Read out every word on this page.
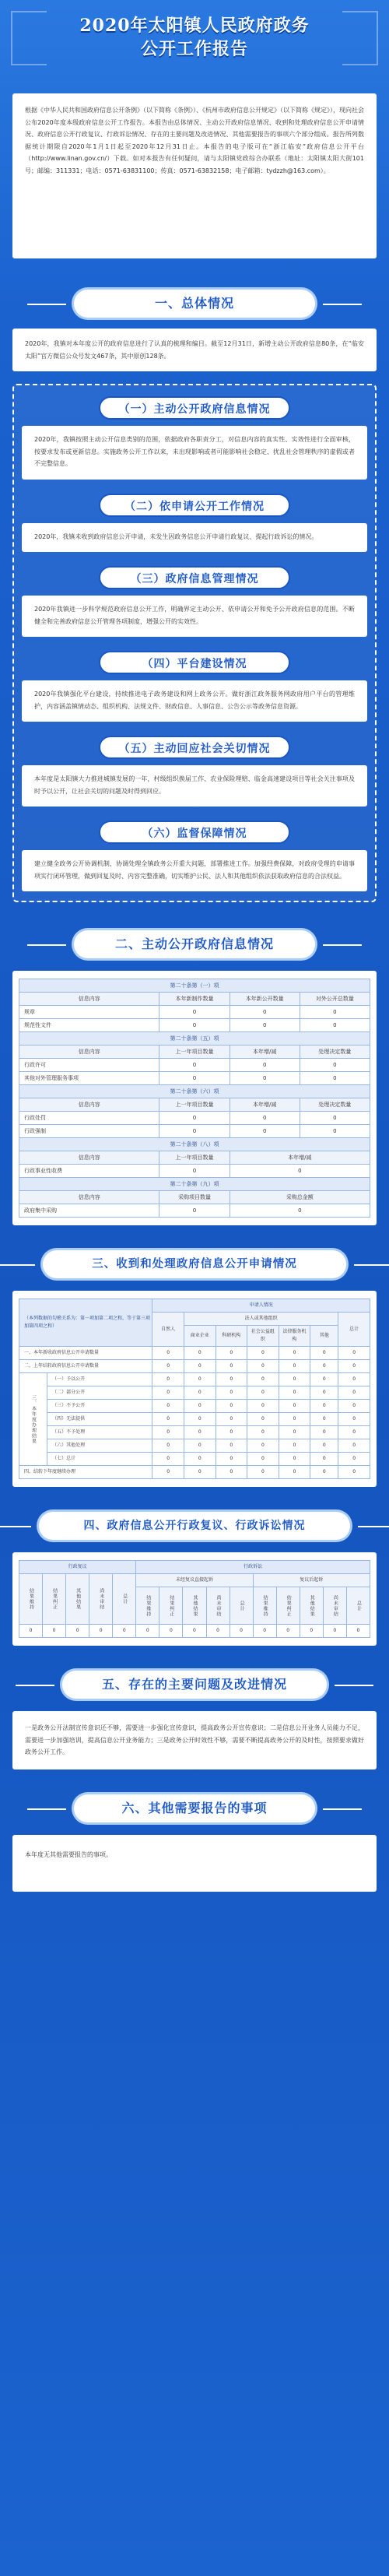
2020年太阳镇人民政府政务
公开工作报告

根据《中华人民共和国政府信息公开条例》（以下简称《条例》）、《杭州市政府信息公开规定》（以下简称《规定》），现向社会公布2020年度本级政府信息公开工作报告。本报告由总体情况、主动公开政府信息情况、收到和处理政府信息公开申请情况、政府信息公开行政复议、行政诉讼情况、存在的主要问题及改进情况、其他需要报告的事项六个部分组成。报告所列数据统计期限自2020年1月1日起至2020年12月31日止。本报告的电子版可在“浙江临安”政府信息公开平台（http://www.linan.gov.cn/）下载。如对本报告有任何疑问，请与太阳镇党政综合办联系（地址：太阳镇太阳大街101号；邮编：311331；电话：0571-63831100；传真：0571-63832158；电子邮箱：tydzzh@163.com）。

一、总体情况

2020年，我镇对本年度公开的政府信息进行了认真的梳理和编目。截至12月31日，新增主动公开政府信息80条，在“临安太阳”官方微信公众号发文467条，其中原创128条。

（一）主动公开政府信息情况

2020年，我镇按照主动公开信息类别的范围，依据政府各职责分工，对信息内容的真实性、实效性进行全面审核，按要求发布或更新信息。实施政务公开工作以来，未出现影响或者可能影响社会稳定、扰乱社会管理秩序的虚假或者不完整信息。

（二）依申请公开工作情况

2020年，我镇未收到政府信息公开申请，未发生因政务信息公开申请行政复议、提起行政诉讼的情况。

（三）政府信息管理情况

2020年我镇进一步科学规范政府信息公开工作，明确界定主动公开、依申请公开和免予公开政府信息的范围。不断健全和完善政府信息公开管理各项制度，增强公开的实效性。

（四）平台建设情况

2020年我镇强化平台建设，持续推进电子政务建设和网上政务公开。做好浙江政务服务网政府用户平台的管理维护，内容涵盖镇情动态、组织机构、法规文件、财政信息、人事信息、公告公示等政务信息资源。

（五）主动回应社会关切情况

本年度是太阳镇大力推进城镇发展的一年，村级组织换届工作、农业保险理赔、临金高速建设项目等社会关注事项及时予以公开，让社会关切的问题及时得到回应。

（六）监督保障情况

建立健全政务公开协调机制，协调处理全镇政务公开重大问题，部署推进工作。加强经费保障，对政府受理的申请事项实行闭环管理，做到回复及时、内容完整准确，切实维护公民、法人和其他组织依法获取政府信息的合法权益。

二、主动公开政府信息情况
第二十条第（一）项			
信息内容	本年新制作数量	本年新公开数量	对外公开总数量
规章	0	0	0
规范性文件	0	0	0
第二十条第（五）项			
信息内容	上一年项目数量	本年增/减	处理决定数量
行政许可	0	0	0
其他对外管理服务事项	0	0	0
第二十条第（六）项			
信息内容	上一年项目数量	本年增/减	处理决定数量
行政处罚	0	0	0
行政强制	0	0	0
第二十条第（八）项			
信息内容	上一年项目数量	本年增/减	
行政事业性收费	0	0	
第二十条第（九）项			
信息内容	采购项目数量	采购总金额	
政府集中采购	0	0	
三、收到和处理政府信息公开申请情况
（本列数据的勾稽关系为：第一项加第二项之和，等于第三项加第四项之和）		申请人情况						
		自然人	法人或其他组织					总计
			商业企业	科研机构	社会公益组织	法律服务机构	其他	
一、本年新收政府信息公开申请数量		0	0	0	0	0	0	0
二、上年结转政府信息公开申请数量		0	0	0	0	0	0	0
三、本年度办理结果	（一）予以公开	0	0	0	0	0	0	0
	（二）部分公开	0	0	0	0	0	0	0
	（三）不予公开	0	0	0	0	0	0	0
	（四）无法提供	0	0	0	0	0	0	0
	（五）不予处理	0	0	0	0	0	0	0
	（六）其他处理	0	0	0	0	0	0	0
	（七）总计	0	0	0	0	0	0	0
四、结转下年度继续办理		0	0	0	0	0	0	0
四、政府信息公开行政复议、行政诉讼情况
行政复议					行政诉讼									
结果维持	结果纠正	其他结果	尚未审结	总计	未经复议直接起诉					复议后起诉				
					结果维持	结果纠正	其他结果	尚未审结	总计	结果维持	结果纠正	其他结果	尚未审结	总计
0	0	0	0	0	0	0	0	0	0	0	0	0	0	0
五、存在的主要问题及改进情况

一是政务公开法制宣传意识还不够，需要进一步强化宣传意识，提高政务公开宣传意识；二是信息公开业务人员能力不足，需要进一步加强培训，提高信息公开业务能力；三是政务公开时效性不够，需要不断提高政务公开的及时性，按照要求做好政务公开工作。

六、其他需要报告的事项

本年度无其他需要报告的事项。
